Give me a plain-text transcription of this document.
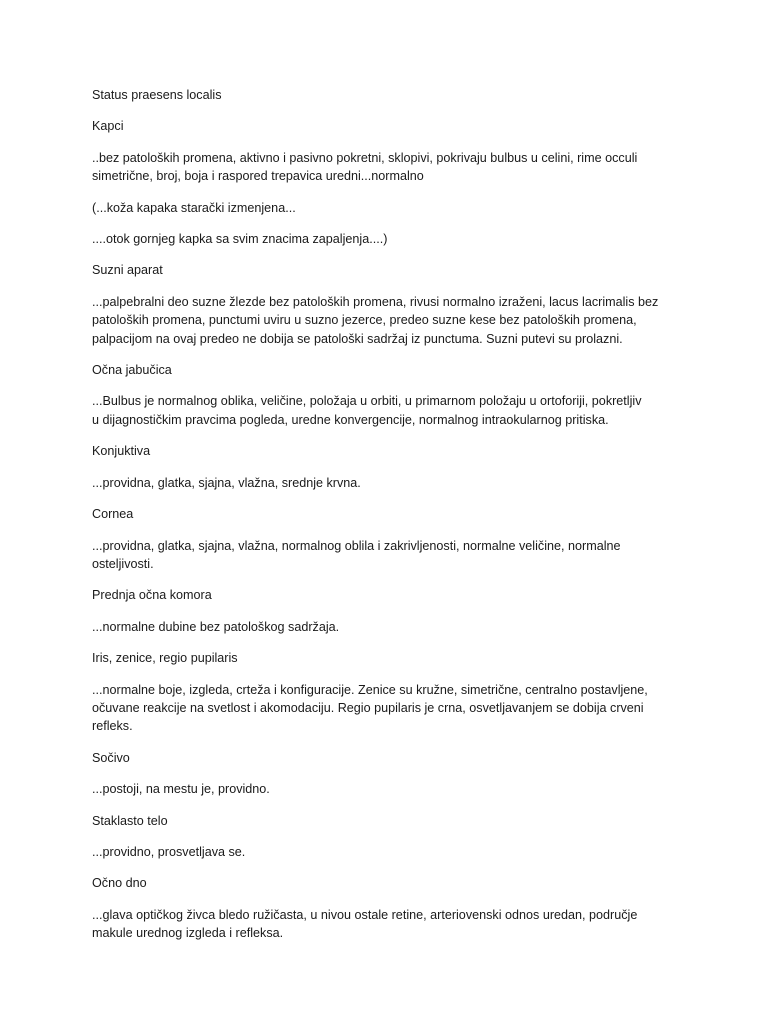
Status praesens localis

Kapci

..bez patoloških promena, aktivno i pasivno pokretni, sklopivi, pokrivaju bulbus u celini, rime occuli

simetrične, broj, boja i raspored trepavica uredni...normalno

(...koža kapaka starački izmenjena...

....otok gornjeg kapka sa svim znacima zapaljenja....)

Suzni aparat

...palpebralni deo suzne žlezde bez patoloških promena, rivusi normalno izraženi, lacus lacrimalis bez

patoloških promena, punctumi uviru u suzno jezerce, predeo suzne kese bez patoloških promena,

palpacijom na ovaj predeo ne dobija se patološki sadržaj iz punctuma. Suzni putevi su prolazni.

Očna jabučica

...Bulbus je normalnog oblika, veličine, položaja u orbiti, u primarnom položaju u ortoforiji, pokretljiv

u dijagnostičkim pravcima pogleda, uredne konvergencije, normalnog intraokularnog pritiska.

Konjuktiva

...providna, glatka, sjajna, vlažna, srednje krvna.

Cornea

...providna, glatka, sjajna, vlažna, normalnog oblila i zakrivljenosti, normalne veličine, normalne

osteljivosti.

Prednja očna komora

...normalne dubine bez patološkog sadržaja.

Iris, zenice, regio pupilaris

...normalne boje, izgleda, crteža i konfiguracije. Zenice su kružne, simetrične, centralno postavljene,

očuvane reakcije na svetlost i akomodaciju. Regio pupilaris je crna, osvetljavanjem se dobija crveni

refleks.

Sočivo

...postoji, na mestu je, providno.

Staklasto telo

...providno, prosvetljava se.

Očno dno

...glava optičkog živca bledo ružičasta, u nivou ostale retine, arteriovenski odnos uredan, područje

makule urednog izgleda i refleksa.
